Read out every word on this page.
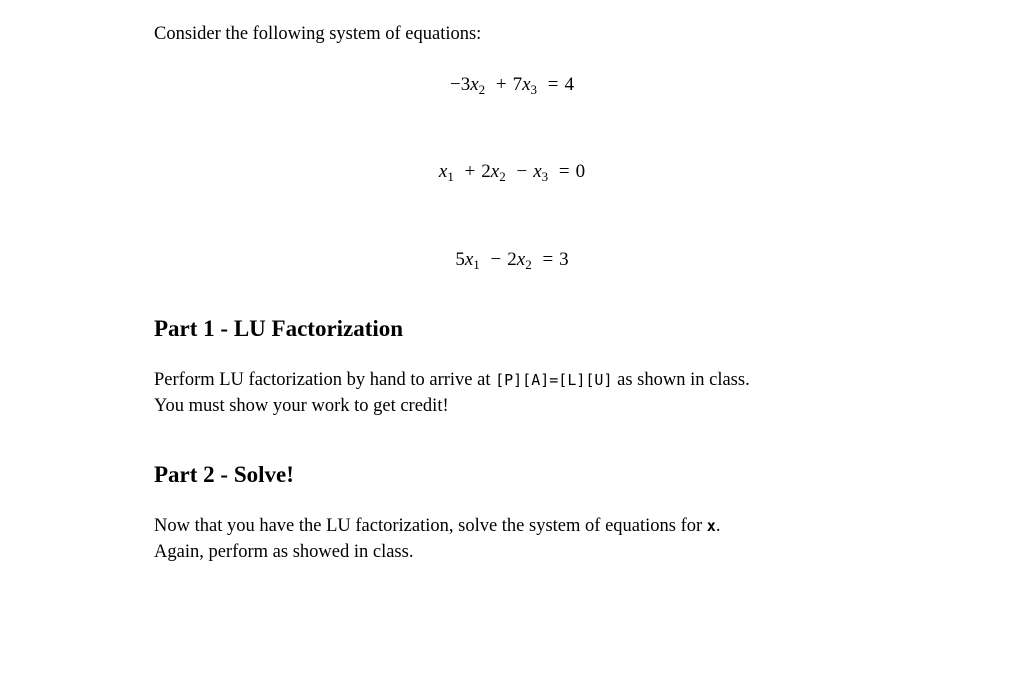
Consider the following system of equations:
$-3x_2 + 7x_3 = 4$
$x_1 + 2x_2 - x_3 = 0$
$5x_1 - 2x_2 = 3$
Part 1 - LU Factorization
Perform LU factorization by hand to arrive at [P][A]=[L][U] as shown in class.
You must show your work to get credit!
Part 2 - Solve!
Now that you have the LU factorization, solve the system of equations for x.
Again, perform as showed in class.
